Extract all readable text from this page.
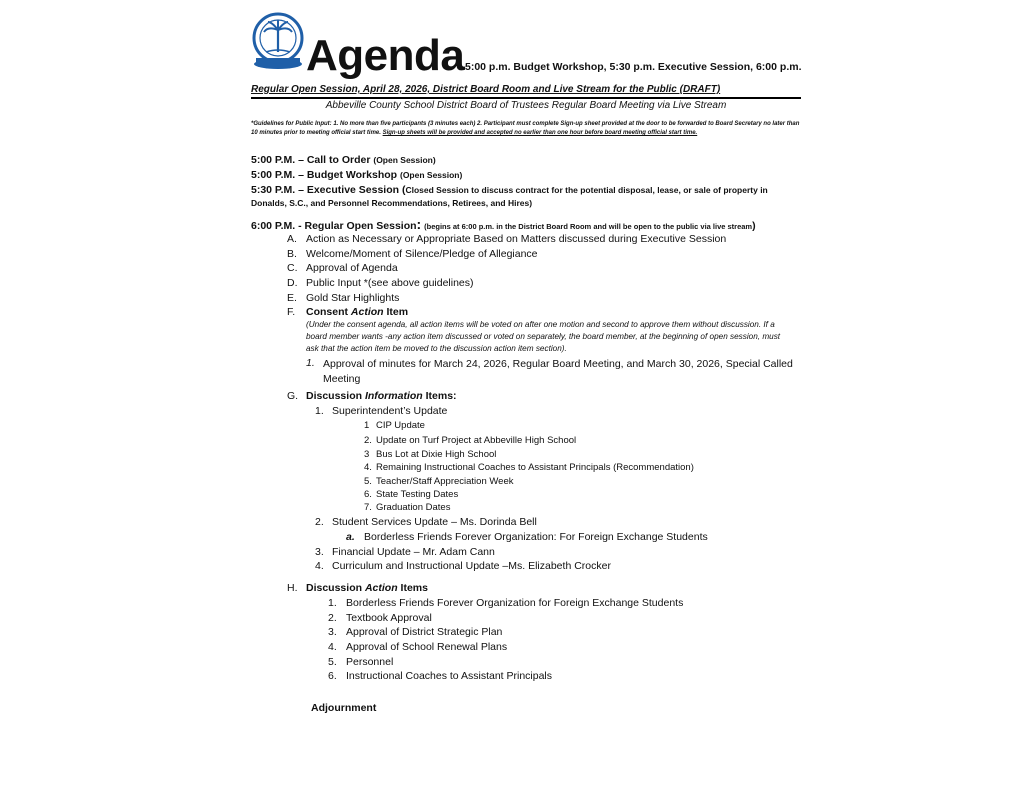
Agenda 5:00 p.m. Budget Workshop, 5:30 p.m. Executive Session, 6:00 p.m.
Regular Open Session, April 28, 2026, District Board Room and Live Stream for the Public (DRAFT)
Abbeville County School District Board of Trustees Regular Board Meeting via Live Stream
*Guidelines for Public Input: 1. No more than five participants (3 minutes each) 2. Participant must complete Sign-up sheet provided at the door to be forwarded to Board Secretary no later than 10 minutes prior to meeting official start time. Sign-up sheets will be provided and accepted no earlier than one hour before board meeting official start time.
5:00 P.M. – Call to Order (Open Session)
5:00 P.M. – Budget Workshop (Open Session)
5:30 P.M. – Executive Session (Closed Session to discuss contract for the potential disposal, lease, or sale of property in Donalds, S.C., and Personnel Recommendations, Retirees, and Hires)
6:00 P.M. - Regular Open Session: (begins at 6:00 p.m. in the District Board Room and will be open to the public via live stream)
A. Action as Necessary or Appropriate Based on Matters discussed during Executive Session
B. Welcome/Moment of Silence/Pledge of Allegiance
C. Approval of Agenda
D. Public Input *(see above guidelines)
E. Gold Star Highlights
F. Consent Action Item
(Under the consent agenda, all action items will be voted on after one motion and second to approve them without discussion. If a board member wants -any action item discussed or voted on separately, the board member, at the beginning of open session, must ask that the action item be moved to the discussion action item section).
1. Approval of minutes for March 24, 2026, Regular Board Meeting, and March 30, 2026, Special Called Meeting
G. Discussion Information Items:
1. Superintendent’s Update
1 CIP Update
2. Update on Turf Project at Abbeville High School
3 Bus Lot at Dixie High School
4. Remaining Instructional Coaches to Assistant Principals (Recommendation)
5. Teacher/Staff Appreciation Week
6. State Testing Dates
7. Graduation Dates
2. Student Services Update – Ms. Dorinda Bell
a. Borderless Friends Forever Organization: For Foreign Exchange Students
3. Financial Update – Mr. Adam Cann
4. Curriculum and Instructional Update –Ms. Elizabeth Crocker
H. Discussion Action Items
1. Borderless Friends Forever Organization for Foreign Exchange Students
2. Textbook Approval
3. Approval of District Strategic Plan
4. Approval of School Renewal Plans
5. Personnel
6. Instructional Coaches to Assistant Principals
Adjournment
